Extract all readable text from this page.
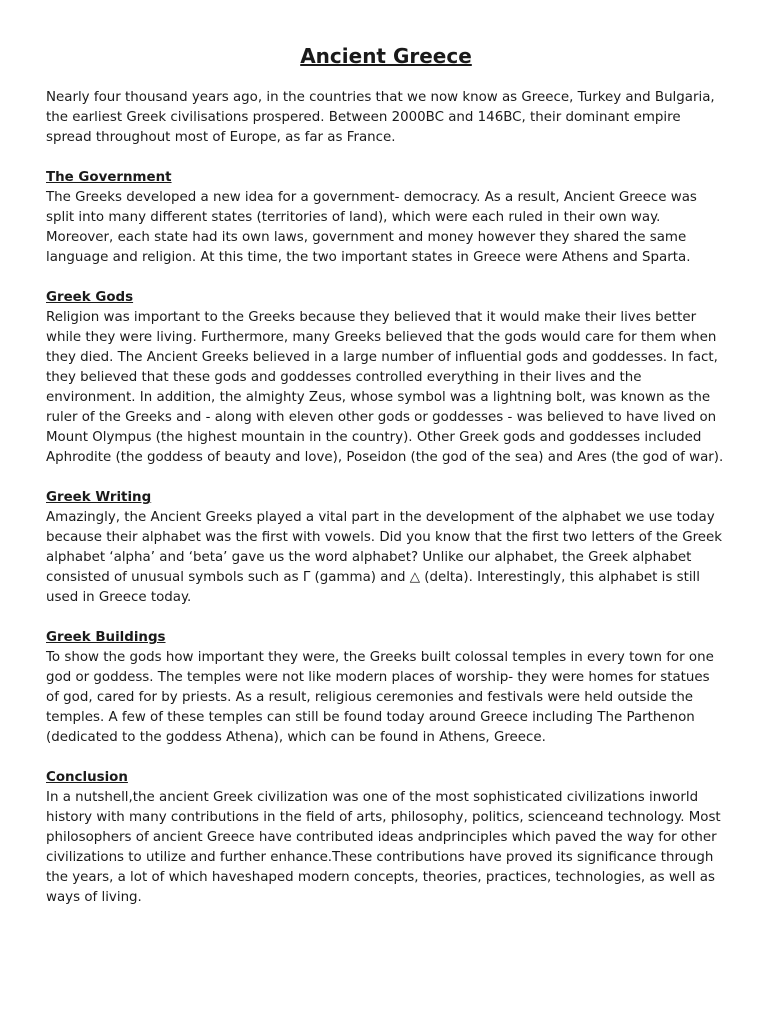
Ancient Greece

Nearly four thousand years ago, in the countries that we now know as Greece, Turkey and Bulgaria, the earliest Greek civilisations prospered. Between 2000BC and 146BC, their dominant empire spread throughout most of Europe, as far as France.

The Government

The Greeks developed a new idea for a government- democracy. As a result, Ancient Greece was split into many different states (territories of land), which were each ruled in their own way. Moreover, each state had its own laws, government and money however they shared the same language and religion. At this time, the two important states in Greece were Athens and Sparta.

Greek Gods

Religion was important to the Greeks because they believed that it would make their lives better while they were living. Furthermore, many Greeks believed that the gods would care for them when they died. The Ancient Greeks believed in a large number of influential gods and goddesses. In fact, they believed that these gods and goddesses controlled everything in their lives and the environment. In addition, the almighty Zeus, whose symbol was a lightning bolt, was known as the ruler of the Greeks and - along with eleven other gods or goddesses - was believed to have lived on Mount Olympus (the highest mountain in the country). Other Greek gods and goddesses included Aphrodite (the goddess of beauty and love), Poseidon (the god of the sea) and Ares (the god of war).

Greek Writing

Amazingly, the Ancient Greeks played a vital part in the development of the alphabet we use today because their alphabet was the first with vowels. Did you know that the first two letters of the Greek alphabet ‘alpha’ and ‘beta’ gave us the word alphabet? Unlike our alphabet, the Greek alphabet consisted of unusual symbols such as Γ (gamma) and △ (delta). Interestingly, this alphabet is still used in Greece today.

Greek Buildings

To show the gods how important they were, the Greeks built colossal temples in every town for one god or goddess. The temples were not like modern places of worship- they were homes for statues of god, cared for by priests. As a result, religious ceremonies and festivals were held outside the temples. A few of these temples can still be found today around Greece including The Parthenon (dedicated to the goddess Athena), which can be found in Athens, Greece.

Conclusion

In a nutshell,the ancient Greek civilization was one of the most sophisticated civilizations inworld history with many contributions in the field of arts, philosophy, politics, scienceand technology. Most philosophers of ancient Greece have contributed ideas andprinciples which paved the way for other civilizations to utilize and further enhance.These contributions have proved its significance through the years, a lot of which haveshaped modern concepts, theories, practices, technologies, as well as ways of living.
